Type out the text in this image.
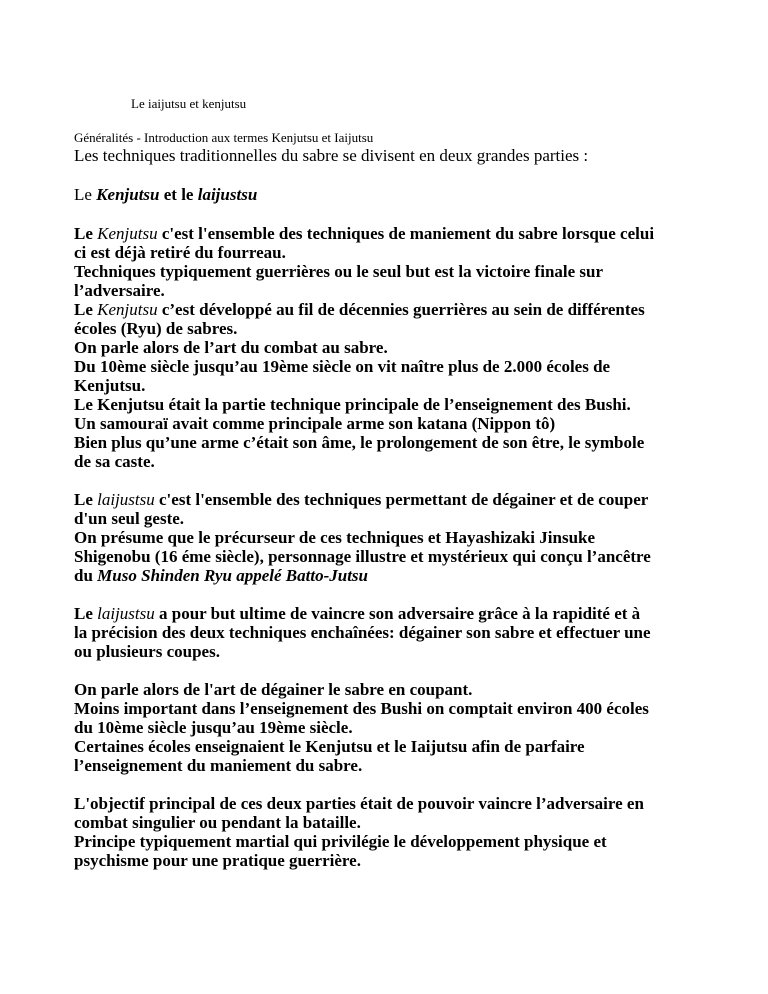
Le iaijutsu et kenjutsu

Généralités - Introduction aux termes Kenjutsu et Iaijutsu

Les techniques traditionnelles du sabre se divisent en deux grandes parties :

Le Kenjutsu et le laijustsu

Le Kenjutsu c'est l'ensemble des techniques de maniement du sabre lorsque celui
ci est déjà retiré du fourreau.
Techniques typiquement guerrières ou le seul but est la victoire finale sur
l’adversaire.
Le Kenjutsu c’est développé au fil de décennies guerrières au sein de différentes
écoles (Ryu) de sabres.
On parle alors de l’art du combat au sabre.
Du 10ème siècle jusqu’au 19ème siècle on vit naître plus de 2.000 écoles de
Kenjutsu.
Le Kenjutsu était la partie technique principale de l’enseignement des Bushi.
Un samouraï avait comme principale arme son katana (Nippon tô)
Bien plus qu’une arme c’était son âme, le prolongement de son être, le symbole
de sa caste.
Le laijustsu c'est l'ensemble des techniques permettant de dégainer et de couper
d'un seul geste.
On présume que le précurseur de ces techniques et Hayashizaki Jinsuke
Shigenobu (16 éme siècle), personnage illustre et mystérieux qui conçu l’ancêtre
du Muso Shinden Ryu appelé Batto-Jutsu
Le laijustsu a pour but ultime de vaincre son adversaire grâce à la rapidité et à
la précision des deux techniques enchaînées: dégainer son sabre et effectuer une
ou plusieurs coupes.
On parle alors de l'art de dégainer le sabre en coupant.
Moins important dans l’enseignement des Bushi on comptait environ 400 écoles
du 10ème siècle jusqu’au 19ème siècle.
Certaines écoles enseignaient le Kenjutsu et le Iaijutsu afin de parfaire
l’enseignement du maniement du sabre.
L'objectif principal de ces deux parties était de pouvoir vaincre l’adversaire en
combat singulier ou pendant la bataille.
Principe typiquement martial qui privilégie le développement physique et
psychisme pour une pratique guerrière.
